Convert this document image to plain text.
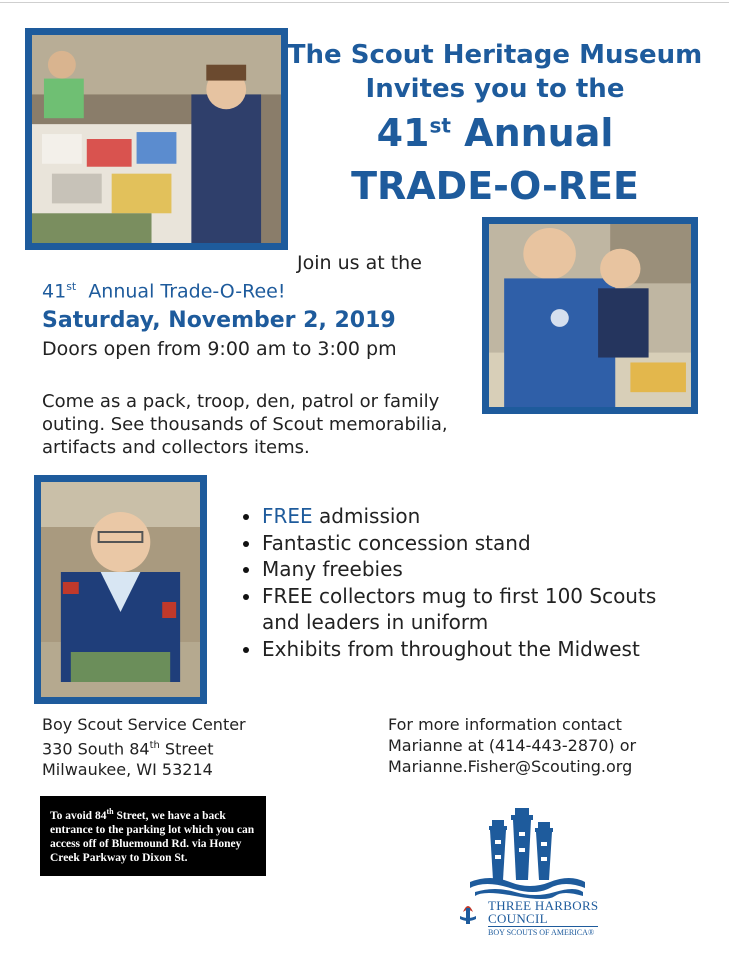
The Scout Heritage Museum
Invites you to the
41st Annual
TRADE-O-REE
Join us at the
41st  Annual Trade-O-Ree!
Saturday, November 2, 2019
Doors open from 9:00 am to 3:00 pm
Come as a pack, troop, den, patrol or family outing. See thousands of Scout memorabilia, artifacts and collectors items.
FREE admission
Fantastic concession stand
Many freebies
FREE collectors mug to first 100 Scouts and leaders in uniform
Exhibits from throughout the Midwest
Boy Scout Service Center
330 South 84th Street
Milwaukee, WI 53214
For more information contact
Marianne at (414-443-2870) or
Marianne.Fisher@Scouting.org
To avoid 84th Street, we have a back entrance to the parking lot which you can access off of Bluemound Rd. via Honey Creek Parkway to Dixon St.
THREE HARBORS
COUNCIL
BOY SCOUTS OF AMERICA®
